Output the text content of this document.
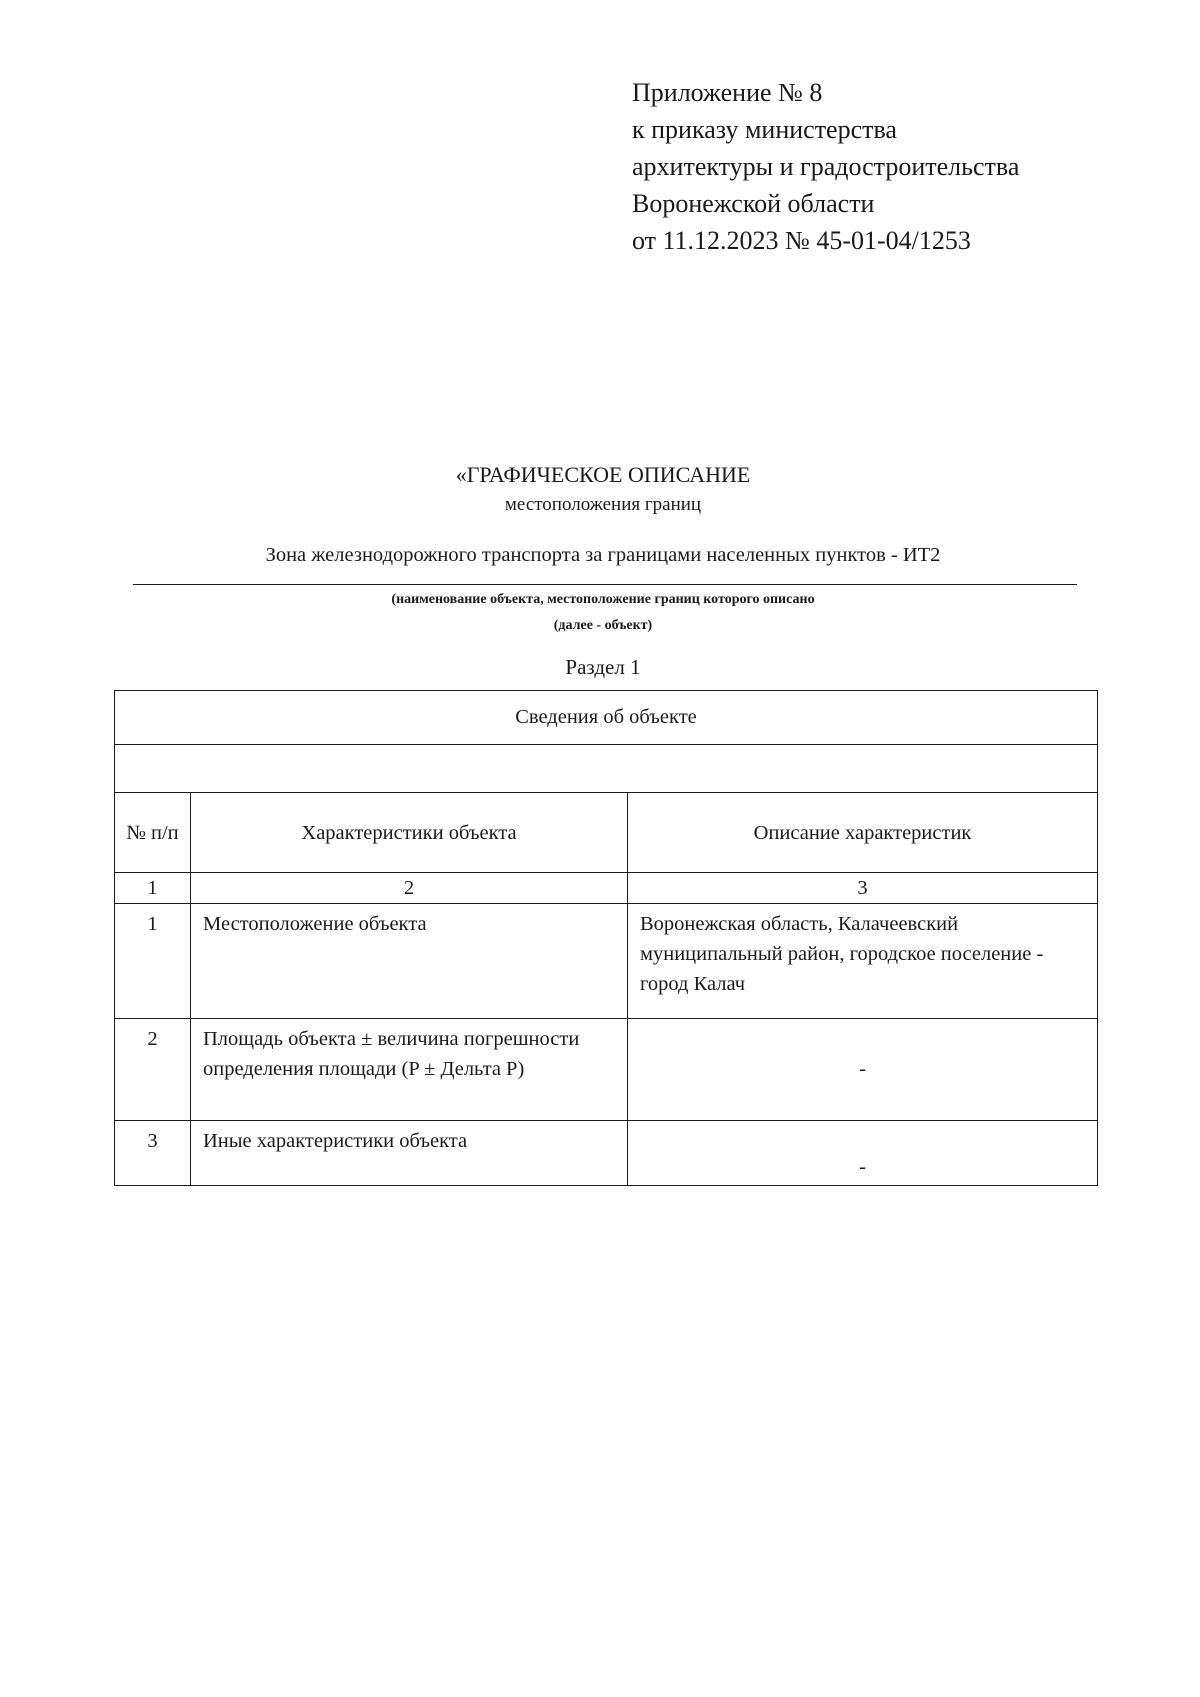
Приложение № 8
к приказу министерства
архитектуры и градостроительства
Воронежской области
от 11.12.2023 № 45-01-04/1253
«ГРАФИЧЕСКОЕ ОПИСАНИЕ
местоположения границ
Зона железнодорожного транспорта за границами населенных пунктов - ИТ2
(наименование объекта, местоположение границ которого описано
(далее - объект)
Раздел 1
Сведения об объекте		

№ п/п	Характеристики объекта	Описание характеристик
1	2	3
1	Местоположение объекта	Воронежская область, Калачеевский муниципальный район, городское поселение - город Калач
2	Площадь объекта ± величина погрешности определения площади (P ± Дельта P)	-
3	Иные характеристики объекта	-
